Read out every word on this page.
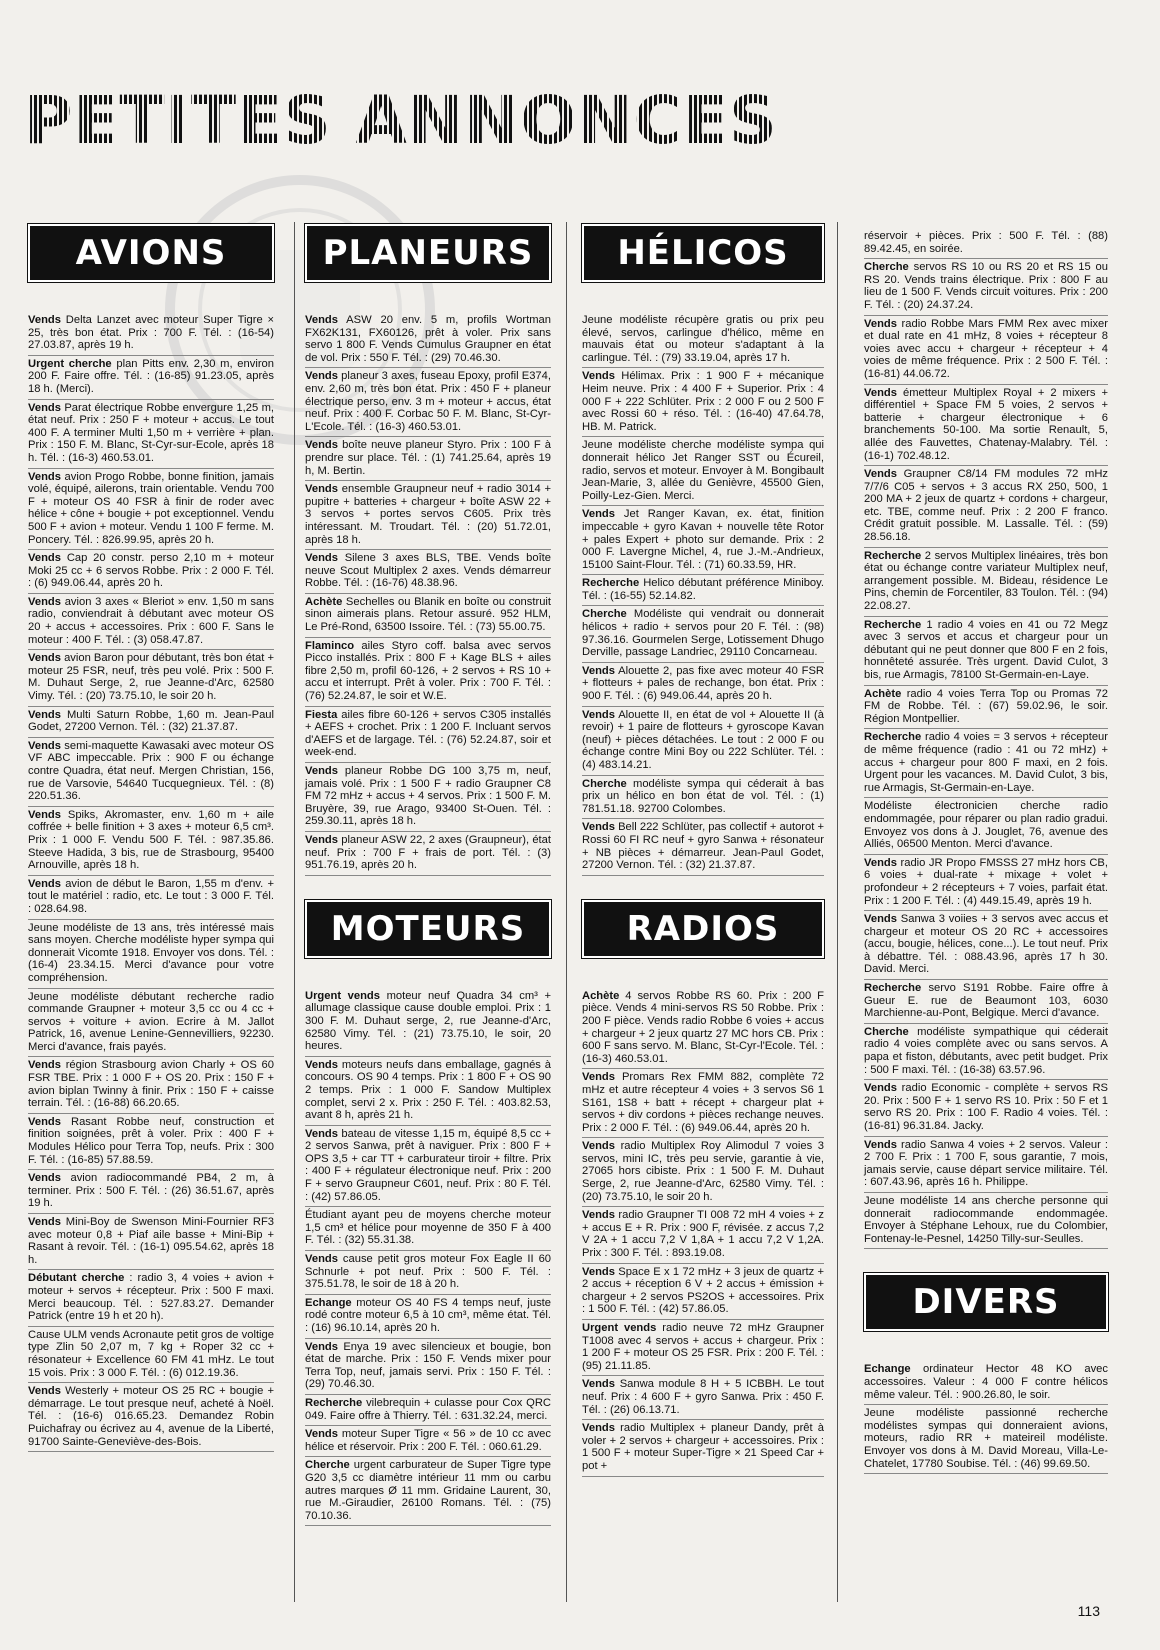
PETITES ANNONCES
AVIONS

Vends Delta Lanzet avec moteur Super Tigre × 25, très bon état. Prix : 700 F. Tél. : (16-54) 27.03.87, après 19 h.

Urgent cherche plan Pitts env. 2,30 m, environ 200 F. Faire offre. Tél. : (16-85) 91.23.05, après 18 h. (Merci).

Vends Parat électrique Robbe envergure 1,25 m, état neuf. Prix : 250 F + moteur + accus. Le tout 400 F. A terminer Multi 1,50 m + verrière + plan. Prix : 150 F. M. Blanc, St-Cyr-sur-Ecole, après 18 h. Tél. : (16-3) 460.53.01.

Vends avion Progo Robbe, bonne finition, jamais volé, équipé, ailerons, train orientable. Vendu 700 F + moteur OS 40 FSR à finir de roder avec hélice + cône + bougie + pot exceptionnel. Vendu 500 F + avion + moteur. Vendu 1 100 F ferme. M. Poncery. Tél. : 826.99.95, après 20 h.

Vends Cap 20 constr. perso 2,10 m + moteur Moki 25 cc + 6 servos Robbe. Prix : 2 000 F. Tél. : (6) 949.06.44, après 20 h.

Vends avion 3 axes « Bleriot » env. 1,50 m sans radio, conviendrait à débutant avec moteur OS 20 + accus + accessoires. Prix : 600 F. Sans le moteur : 400 F. Tél. : (3) 058.47.87.

Vends avion Baron pour débutant, très bon état + moteur 25 FSR, neuf, très peu volé. Prix : 500 F. M. Duhaut Serge, 2, rue Jeanne-d'Arc, 62580 Vimy. Tél. : (20) 73.75.10, le soir 20 h.

Vends Multi Saturn Robbe, 1,60 m. Jean-Paul Godet, 27200 Vernon. Tél. : (32) 21.37.87.

Vends semi-maquette Kawasaki avec moteur OS VF ABC impeccable. Prix : 900 F ou échange contre Quadra, état neuf. Mergen Christian, 156, rue de Varsovie, 54640 Tucquegnieux. Tél. : (8) 220.51.36.

Vends Spiks, Akromaster, env. 1,60 m + aile coffrée + belle finition + 3 axes + moteur 6,5 cm³. Prix : 1 000 F. Vendu 500 F. Tél. : 987.35.86. Steeve Hadida, 3 bis, rue de Strasbourg, 95400 Arnouville, après 18 h.

Vends avion de début le Baron, 1,55 m d'env. + tout le matériel : radio, etc. Le tout : 3 000 F. Tél. : 028.64.98.

Jeune modéliste de 13 ans, très intéressé mais sans moyen. Cherche modéliste hyper sympa qui donnerait Vicomte 1918. Envoyer vos dons. Tél. : (16-4) 23.34.15. Merci d'avance pour votre compréhension.

Jeune modéliste débutant recherche radio commande Graupner + moteur 3,5 cc ou 4 cc + servos + voiture + avion. Ecrire à M. Jallot Patrick, 16, avenue Lenine-Gennevilliers, 92230. Merci d'avance, frais payés.

Vends région Strasbourg avion Charly + OS 60 FSR TBE. Prix : 1 000 F + OS 20. Prix : 150 F + avion biplan Twinny à finir. Prix : 150 F + caisse terrain. Tél. : (16-88) 66.20.65.

Vends Rasant Robbe neuf, construction et finition soignées, prêt à voler. Prix : 400 F + Modules Hélico pour Terra Top, neufs. Prix : 300 F. Tél. : (16-85) 57.88.59.

Vends avion radiocommandé PB4, 2 m, à terminer. Prix : 500 F. Tél. : (26) 36.51.67, après 19 h.

Vends Mini-Boy de Swenson Mini-Fournier RF3 avec moteur 0,8 + Piaf aile basse + Mini-Bip + Rasant à revoir. Tél. : (16-1) 095.54.62, après 18 h.

Débutant cherche : radio 3, 4 voies + avion + moteur + servos + récepteur. Prix : 500 F maxi. Merci beaucoup. Tél. : 527.83.27. Demander Patrick (entre 19 h et 20 h).

Cause ULM vends Acronaute petit gros de voltige type Zlin 50 2,07 m, 7 kg + Roper 32 cc + résonateur + Excellence 60 FM 41 mHz. Le tout 15 vois. Prix : 3 000 F. Tél. : (6) 012.19.36.

Vends Westerly + moteur OS 25 RC + bougie + démarrage. Le tout presque neuf, acheté à Noël. Tél. : (16-6) 016.65.23. Demandez Robin Puichafray ou écrivez au 4, avenue de la Liberté, 91700 Sainte-Geneviève-des-Bois.

PLANEURS

Vends ASW 20 env. 5 m, profils Wortman FX62K131, FX60126, prêt à voler. Prix sans servo 1 800 F. Vends Cumulus Graupner en état de vol. Prix : 550 F. Tél. : (29) 70.46.30.

Vends planeur 3 axes, fuseau Epoxy, profil E374, env. 2,60 m, très bon état. Prix : 450 F + planeur électrique perso, env. 3 m + moteur + accus, état neuf. Prix : 400 F. Corbac 50 F. M. Blanc, St-Cyr-L'Ecole. Tél. : (16-3) 460.53.01.

Vends boîte neuve planeur Styro. Prix : 100 F à prendre sur place. Tél. : (1) 741.25.64, après 19 h, M. Bertin.

Vends ensemble Graupneur neuf + radio 3014 + pupitre + batteries + chargeur + boîte ASW 22 + 3 servos + portes servos C605. Prix très intéressant. M. Troudart. Tél. : (20) 51.72.01, après 18 h.

Vends Silene 3 axes BLS, TBE. Vends boîte neuve Scout Multiplex 2 axes. Vends démarreur Robbe. Tél. : (16-76) 48.38.96.

Achète Sechelles ou Blanik en boîte ou construit sinon aimerais plans. Retour assuré. 952 HLM, Le Pré-Rond, 63500 Issoire. Tél. : (73) 55.00.75.

Flaminco ailes Styro coff. balsa avec servos Picco installés. Prix : 800 F + Kage BLS + ailes fibre 2,50 m, profil 60-126, + 2 servos + RS 10 + accu et interrupt. Prêt à voler. Prix : 700 F. Tél. : (76) 52.24.87, le soir et W.E.

Fiesta ailes fibre 60-126 + servos C305 installés + AEFS + crochet. Prix : 1 200 F. Incluant servos d'AEFS et de largage. Tél. : (76) 52.24.87, soir et week-end.

Vends planeur Robbe DG 100 3,75 m, neuf, jamais volé. Prix : 1 500 F + radio Graupner C8 FM 72 mHz + accus + 4 servos. Prix : 1 500 F. M. Bruyère, 39, rue Arago, 93400 St-Ouen. Tél. : 259.30.11, après 18 h.

Vends planeur ASW 22, 2 axes (Graupneur), état neuf. Prix : 700 F + frais de port. Tél. : (3) 951.76.19, après 20 h.

MOTEURS

Urgent vends moteur neuf Quadra 34 cm³ + allumage classique cause double emploi. Prix : 1 300 F. M. Duhaut serge, 2, rue Jeanne-d'Arc, 62580 Vimy. Tél. : (21) 73.75.10, le soir, 20 heures.

Vends moteurs neufs dans emballage, gagnés à concours. OS 90 4 temps. Prix : 1 800 F + OS 90 2 temps. Prix : 1 000 F. Sandow Multiplex complet, servi 2 x. Prix : 250 F. Tél. : 403.82.53, avant 8 h, après 21 h.

Vends bateau de vitesse 1,15 m, équipé 8,5 cc + 2 servos Sanwa, prêt à naviguer. Prix : 800 F + OPS 3,5 + car TT + carburateur tiroir + filtre. Prix : 400 F + régulateur électronique neuf. Prix : 200 F + servo Graupneur C601, neuf. Prix : 80 F. Tél. : (42) 57.86.05.

Étudiant ayant peu de moyens cherche moteur 1,5 cm³ et hélice pour moyenne de 350 F à 400 F. Tél. : (32) 55.31.38.

Vends cause petit gros moteur Fox Eagle II 60 Schnurle + pot neuf. Prix : 500 F. Tél. : 375.51.78, le soir de 18 à 20 h.

Echange moteur OS 40 FS 4 temps neuf, juste rodé contre moteur 6,5 à 10 cm³, même état. Tél. : (16) 96.10.14, après 20 h.

Vends Enya 19 avec silencieux et bougie, bon état de marche. Prix : 150 F. Vends mixer pour Terra Top, neuf, jamais servi. Prix : 150 F. Tél. : (29) 70.46.30.

Recherche vilebrequin + culasse pour Cox QRC 049. Faire offre à Thierry. Tél. : 631.32.24, merci.

Vends moteur Super Tigre « 56 » de 10 cc avec hélice et réservoir. Prix : 200 F. Tél. : 060.61.29.

Cherche urgent carburateur de Super Tigre type G20 3,5 cc diamètre intérieur 11 mm ou carbu autres marques Ø 11 mm. Gridaine Laurent, 30, rue M.-Giraudier, 26100 Romans. Tél. : (75) 70.10.36.

HÉLICOS

Jeune modéliste récupère gratis ou prix peu élevé, servos, carlingue d'hélico, même en mauvais état ou moteur s'adaptant à la carlingue. Tél. : (79) 33.19.04, après 17 h.

Vends Hélimax. Prix : 1 900 F + mécanique Heim neuve. Prix : 4 400 F + Superior. Prix : 4 000 F + 222 Schlüter. Prix : 2 000 F ou 2 500 F avec Rossi 60 + réso. Tél. : (16-40) 47.64.78, HB. M. Patrick.

Jeune modéliste cherche modéliste sympa qui donnerait hélico Jet Ranger SST ou Écureil, radio, servos et moteur. Envoyer à M. Bongibault Jean-Marie, 3, allée du Genièvre, 45500 Gien, Poilly-Lez-Gien. Merci.

Vends Jet Ranger Kavan, ex. état, finition impeccable + gyro Kavan + nouvelle tête Rotor + pales Expert + photo sur demande. Prix : 2 000 F. Lavergne Michel, 4, rue J.-M.-Andrieux, 15100 Saint-Flour. Tél. : (71) 60.33.59, HR.

Recherche Helico débutant préférence Miniboy. Tél. : (16-55) 52.14.82.

Cherche Modéliste qui vendrait ou donnerait hélicos + radio + servos pour 20 F. Tél. : (98) 97.36.16. Gourmelen Serge, Lotissement Dhugo Derville, passage Landriec, 29110 Concarneau.

Vends Alouette 2, pas fixe avec moteur 40 FSR + flotteurs + pales de rechange, bon état. Prix : 900 F. Tél. : (6) 949.06.44, après 20 h.

Vends Alouette II, en état de vol + Alouette II (à revoir) + 1 paire de flotteurs + gyroscope Kavan (neuf) + pièces détachées. Le tout : 2 000 F ou échange contre Mini Boy ou 222 Schlüter. Tél. : (4) 483.14.21.

Cherche modéliste sympa qui céderait à bas prix un hélico en bon état de vol. Tél. : (1) 781.51.18. 92700 Colombes.

Vends Bell 222 Schlüter, pas collectif + autorot + Rossi 60 FI RC neuf + gyro Sanwa + résonateur + NB pièces + démarreur. Jean-Paul Godet, 27200 Vernon. Tél. : (32) 21.37.87.

RADIOS

Achète 4 servos Robbe RS 60. Prix : 200 F pièce. Vends 4 mini-servos RS 50 Robbe. Prix : 200 F pièce. Vends radio Robbe 6 voies + accus + chargeur + 2 jeux quartz 27 MC hors CB. Prix : 600 F sans servo. M. Blanc, St-Cyr-l'Ecole. Tél. : (16-3) 460.53.01.

Vends Promars Rex FMM 882, complète 72 mHz et autre récepteur 4 voies + 3 servos S6 1 S161, 1S8 + batt + récept + chargeur plat + servos + div cordons + pièces rechange neuves. Prix : 2 000 F. Tél. : (6) 949.06.44, après 20 h.

Vends radio Multiplex Roy Alimodul 7 voies 3 servos, mini IC, très peu servie, garantie à vie, 27065 hors cibiste. Prix : 1 500 F. M. Duhaut Serge, 2, rue Jeanne-d'Arc, 62580 Vimy. Tél. : (20) 73.75.10, le soir 20 h.

Vends radio Graupner TI 008 72 mH 4 voies + z + accus E + R. Prix : 900 F, révisée. z accus 7,2 V 2A + 1 accu 7,2 V 1,8A + 1 accu 7,2 V 1,2A. Prix : 300 F. Tél. : 893.19.08.

Vends Space E x 1 72 mHz + 3 jeux de quartz + 2 accus + réception 6 V + 2 accus + émission + chargeur + 2 servos PS2OS + accessoires. Prix : 1 500 F. Tél. : (42) 57.86.05.

Urgent vends radio neuve 72 mHz Graupner T1008 avec 4 servos + accus + chargeur. Prix : 1 200 F + moteur OS 25 FSR. Prix : 200 F. Tél. : (95) 21.11.85.

Vends Sanwa module 8 H + 5 ICBBH. Le tout neuf. Prix : 4 600 F + gyro Sanwa. Prix : 450 F. Tél. : (26) 06.13.71.

Vends radio Multiplex + planeur Dandy, prêt à voler + 2 servos + chargeur + accessoires. Prix : 1 500 F + moteur Super-Tigre × 21 Speed Car + pot +

réservoir + pièces. Prix : 500 F. Tél. : (88) 89.42.45, en soirée.

Cherche servos RS 10 ou RS 20 et RS 15 ou RS 20. Vends trains électrique. Prix : 800 F au lieu de 1 500 F. Vends circuit voitures. Prix : 200 F. Tél. : (20) 24.37.24.

Vends radio Robbe Mars FMM Rex avec mixer et dual rate en 41 mHz, 8 voies + récepteur 8 voies avec accu + chargeur + récepteur + 4 voies de même fréquence. Prix : 2 500 F. Tél. : (16-81) 44.06.72.

Vends émetteur Multiplex Royal + 2 mixers + différentiel + Space FM 5 voies, 2 servos + batterie + chargeur électronique + 6 branchements 50-100. Ma sortie Renault, 5, allée des Fauvettes, Chatenay-Malabry. Tél. : (16-1) 702.48.12.

Vends Graupner C8/14 FM modules 72 mHz 7/7/6 C05 + servos + 3 accus RX 250, 500, 1 200 MA + 2 jeux de quartz + cordons + chargeur, etc. TBE, comme neuf. Prix : 2 200 F franco. Crédit gratuit possible. M. Lassalle. Tél. : (59) 28.56.18.

Recherche 2 servos Multiplex linéaires, très bon état ou échange contre variateur Multiplex neuf, arrangement possible. M. Bideau, résidence Le Pins, chemin de Forcentiler, 83 Toulon. Tél. : (94) 22.08.27.

Recherche 1 radio 4 voies en 41 ou 72 Megz avec 3 servos et accus et chargeur pour un débutant qui ne peut donner que 800 F en 2 fois, honnêteté assurée. Très urgent. David Culot, 3 bis, rue Armagis, 78100 St-Germain-en-Laye.

Achète radio 4 voies Terra Top ou Promas 72 FM de Robbe. Tél. : (67) 59.02.96, le soir. Région Montpellier.

Recherche radio 4 voies = 3 servos + récepteur de même fréquence (radio : 41 ou 72 mHz) + accus + chargeur pour 800 F maxi, en 2 fois. Urgent pour les vacances. M. David Culot, 3 bis, rue Armagis, St-Germain-en-Laye.

Modéliste électronicien cherche radio endommagée, pour réparer ou plan radio gradui. Envoyez vos dons à J. Jouglet, 76, avenue des Alliés, 06500 Menton. Merci d'avance.

Vends radio JR Propo FMSSS 27 mHz hors CB, 6 voies + dual-rate + mixage + volet + profondeur + 2 récepteurs + 7 voies, parfait état. Prix : 1 200 F. Tél. : (4) 449.15.49, après 19 h.

Vends Sanwa 3 voiies + 3 servos avec accus et chargeur et moteur OS 20 RC + accessoires (accu, bougie, hélices, cone...). Le tout neuf. Prix à débattre. Tél. : 088.43.96, après 17 h 30. David. Merci.

Recherche servo S191 Robbe. Faire offre à Gueur E. rue de Beaumont 103, 6030 Marchienne-au-Pont, Belgique. Merci d'avance.

Cherche modéliste sympathique qui céderait radio 4 voies complète avec ou sans servos. A papa et fiston, débutants, avec petit budget. Prix : 500 F maxi. Tél. : (16-38) 63.57.96.

Vends radio Economic - complète + servos RS 20. Prix : 500 F + 1 servo RS 10. Prix : 50 F et 1 servo RS 20. Prix : 100 F. Radio 4 voies. Tél. : (16-81) 96.31.84. Jacky.

Vends radio Sanwa 4 voies + 2 servos. Valeur : 2 700 F. Prix : 1 700 F, sous garantie, 7 mois, jamais servie, cause départ service militaire. Tél. : 607.43.96, après 16 h. Philippe.

Jeune modéliste 14 ans cherche personne qui donnerait radiocommande endommagée. Envoyer à Stéphane Lehoux, rue du Colombier, Fontenay-le-Pesnel, 14250 Tilly-sur-Seulles.

DIVERS

Echange ordinateur Hector 48 KO avec accessoires. Valeur : 4 000 F contre hélicos même valeur. Tél. : 900.26.80, le soir.

Jeune modéliste passionné recherche modélistes sympas qui donneraient avions, moteurs, radio RR + mateireil modéliste. Envoyer vos dons à M. David Moreau, Villa-Le-Chatelet, 17780 Soubise. Tél. : (46) 99.69.50.

113
